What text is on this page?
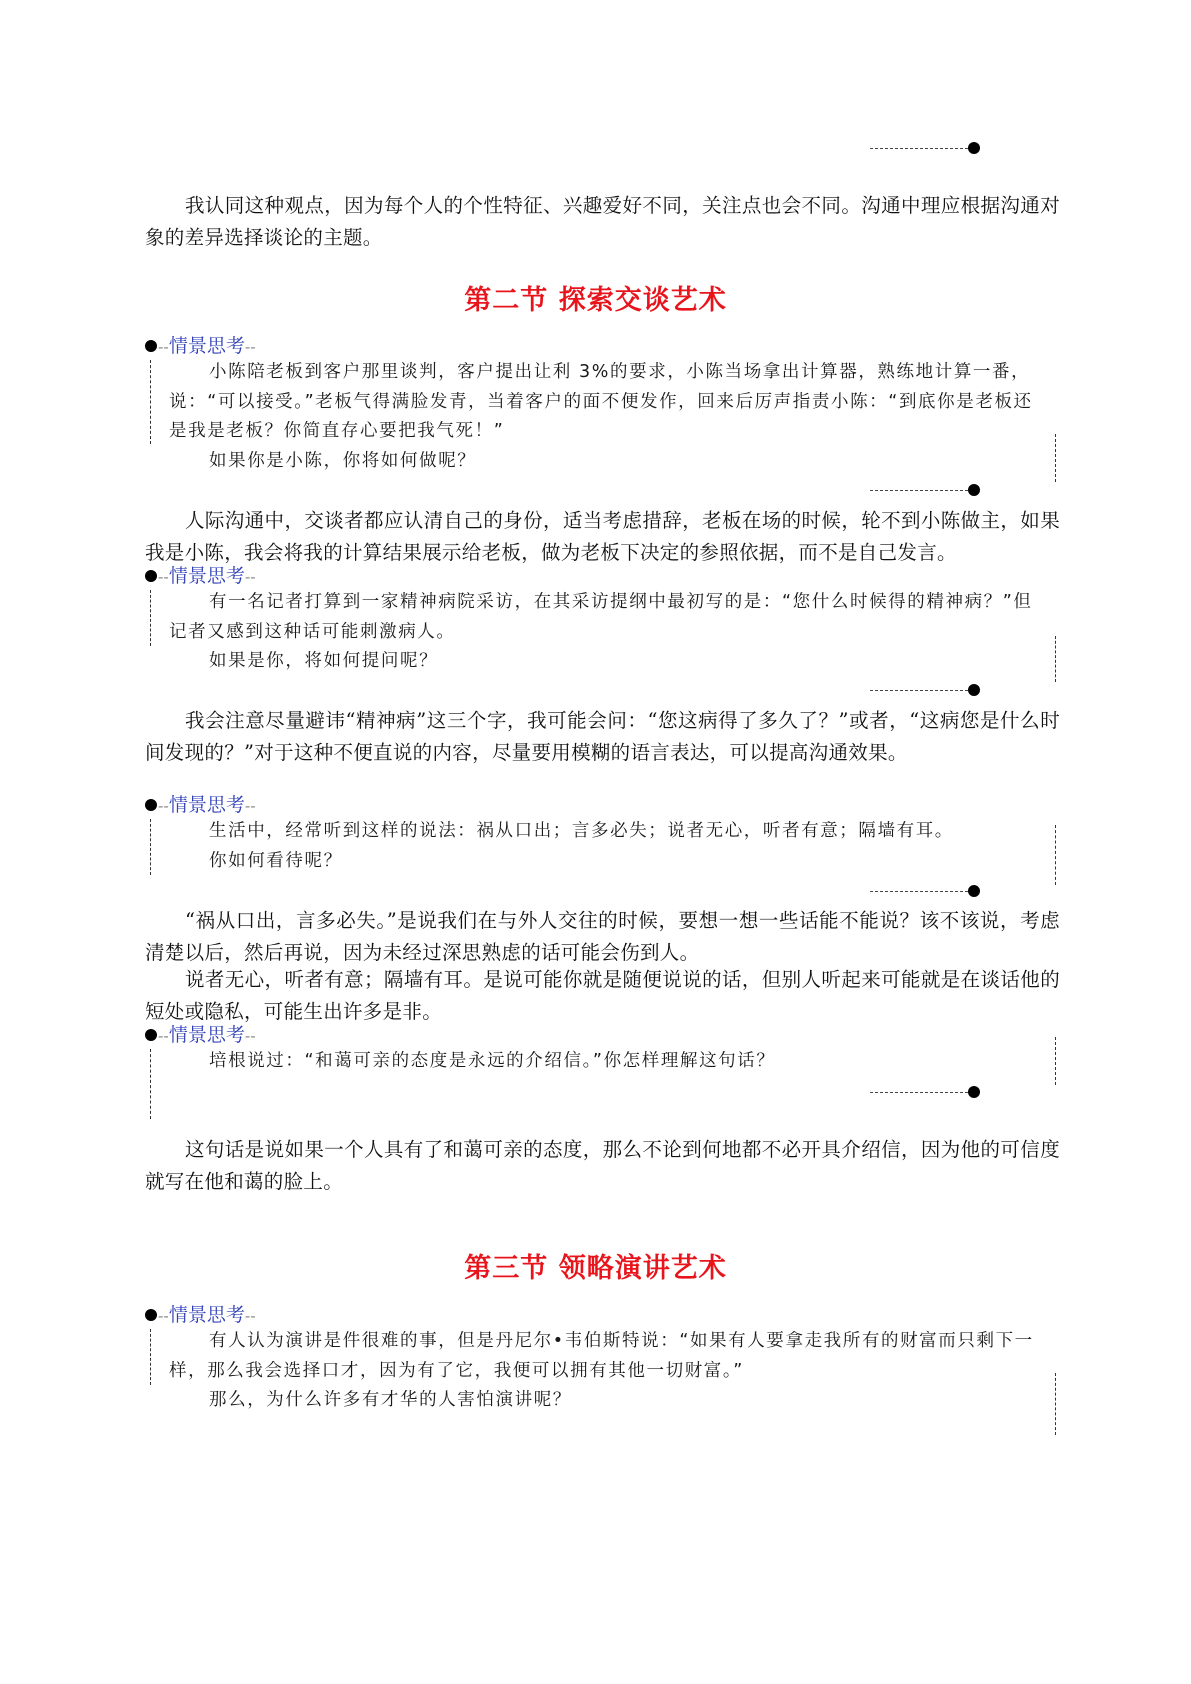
我认同这种观点，因为每个人的个性特征、兴趣爱好不同，关注点也会不同。沟通中理应根据沟通对象的差异选择谈论的主题。

第二节 探索交谈艺术
--情景思考--

小陈陪老板到客户那里谈判，客户提出让利 3%的要求，小陈当场拿出计算器，熟练地计算一番，说：“可以接受。”老板气得满脸发青，当着客户的面不便发作，回来后厉声指责小陈：“到底你是老板还是我是老板？你简直存心要把我气死！”

如果你是小陈，你将如何做呢？

人际沟通中，交谈者都应认清自己的身份，适当考虑措辞，老板在场的时候，轮不到小陈做主，如果我是小陈，我会将我的计算结果展示给老板，做为老板下决定的参照依据，而不是自己发言。

--情景思考--

有一名记者打算到一家精神病院采访，在其采访提纲中最初写的是：“您什么时候得的精神病？”但记者又感到这种话可能刺激病人。

如果是你，将如何提问呢？

我会注意尽量避讳“精神病”这三个字，我可能会问：“您这病得了多久了？”或者，“这病您是什么时间发现的？”对于这种不便直说的内容，尽量要用模糊的语言表达，可以提高沟通效果。

--情景思考--

生活中，经常听到这样的说法：祸从口出；言多必失；说者无心，听者有意；隔墙有耳。

你如何看待呢？

“祸从口出，言多必失。”是说我们在与外人交往的时候，要想一想一些话能不能说？该不该说，考虑清楚以后，然后再说，因为未经过深思熟虑的话可能会伤到人。

说者无心，听者有意；隔墙有耳。是说可能你就是随便说说的话，但别人听起来可能就是在谈话他的短处或隐私，可能生出许多是非。

--情景思考--

培根说过：“和蔼可亲的态度是永远的介绍信。”你怎样理解这句话？

这句话是说如果一个人具有了和蔼可亲的态度，那么不论到何地都不必开具介绍信，因为他的可信度就写在他和蔼的脸上。

第三节 领略演讲艺术
--情景思考--

有人认为演讲是件很难的事，但是丹尼尔•韦伯斯特说：“如果有人要拿走我所有的财富而只剩下一样，那么我会选择口才，因为有了它，我便可以拥有其他一切财富。”

那么，为什么许多有才华的人害怕演讲呢？
